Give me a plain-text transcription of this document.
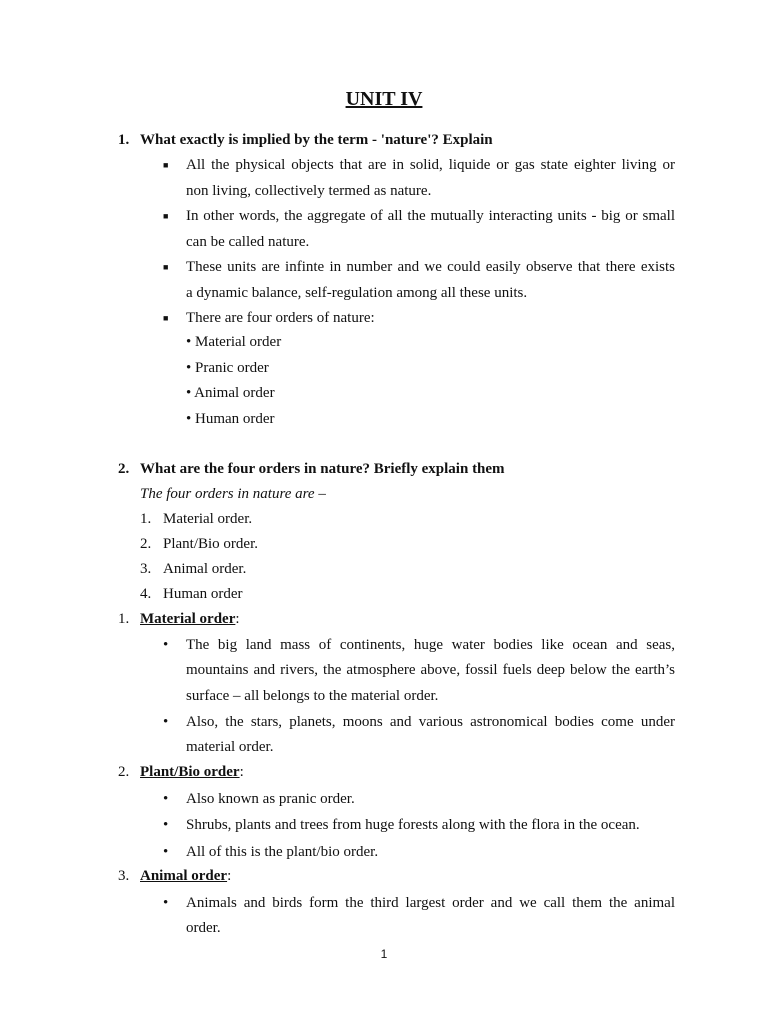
UNIT IV
1. What exactly is implied by the term - 'nature'? Explain
■ All the physical objects that are in solid, liquide or gas state eighter living or
non living, collectively termed as nature.
■ In other words, the aggregate of all the mutually interacting units - big or small
can be called nature.
■ These units are infinte in number and we could easily observe that there exists
a dynamic balance, self-regulation among all these units.
■ There are four orders of nature:
• Material order
• Pranic order
• Animal order
• Human order
2. What are the four orders in nature? Briefly explain them
The four orders in nature are –
1. Material order.
2. Plant/Bio order.
3. Animal order.
4. Human order
1. Material order:
• The big land mass of continents, huge water bodies like ocean and seas,
mountains and rivers, the atmosphere above, fossil fuels deep below the earth’s
surface – all belongs to the material order.
• Also, the stars, planets, moons and various astronomical bodies come under
material order.
2. Plant/Bio order:
• Also known as pranic order.
• Shrubs, plants and trees from huge forests along with the flora in the ocean.
• All of this is the plant/bio order.
3. Animal order:
• Animals and birds form the third largest order and we call them the animal
order.
1
